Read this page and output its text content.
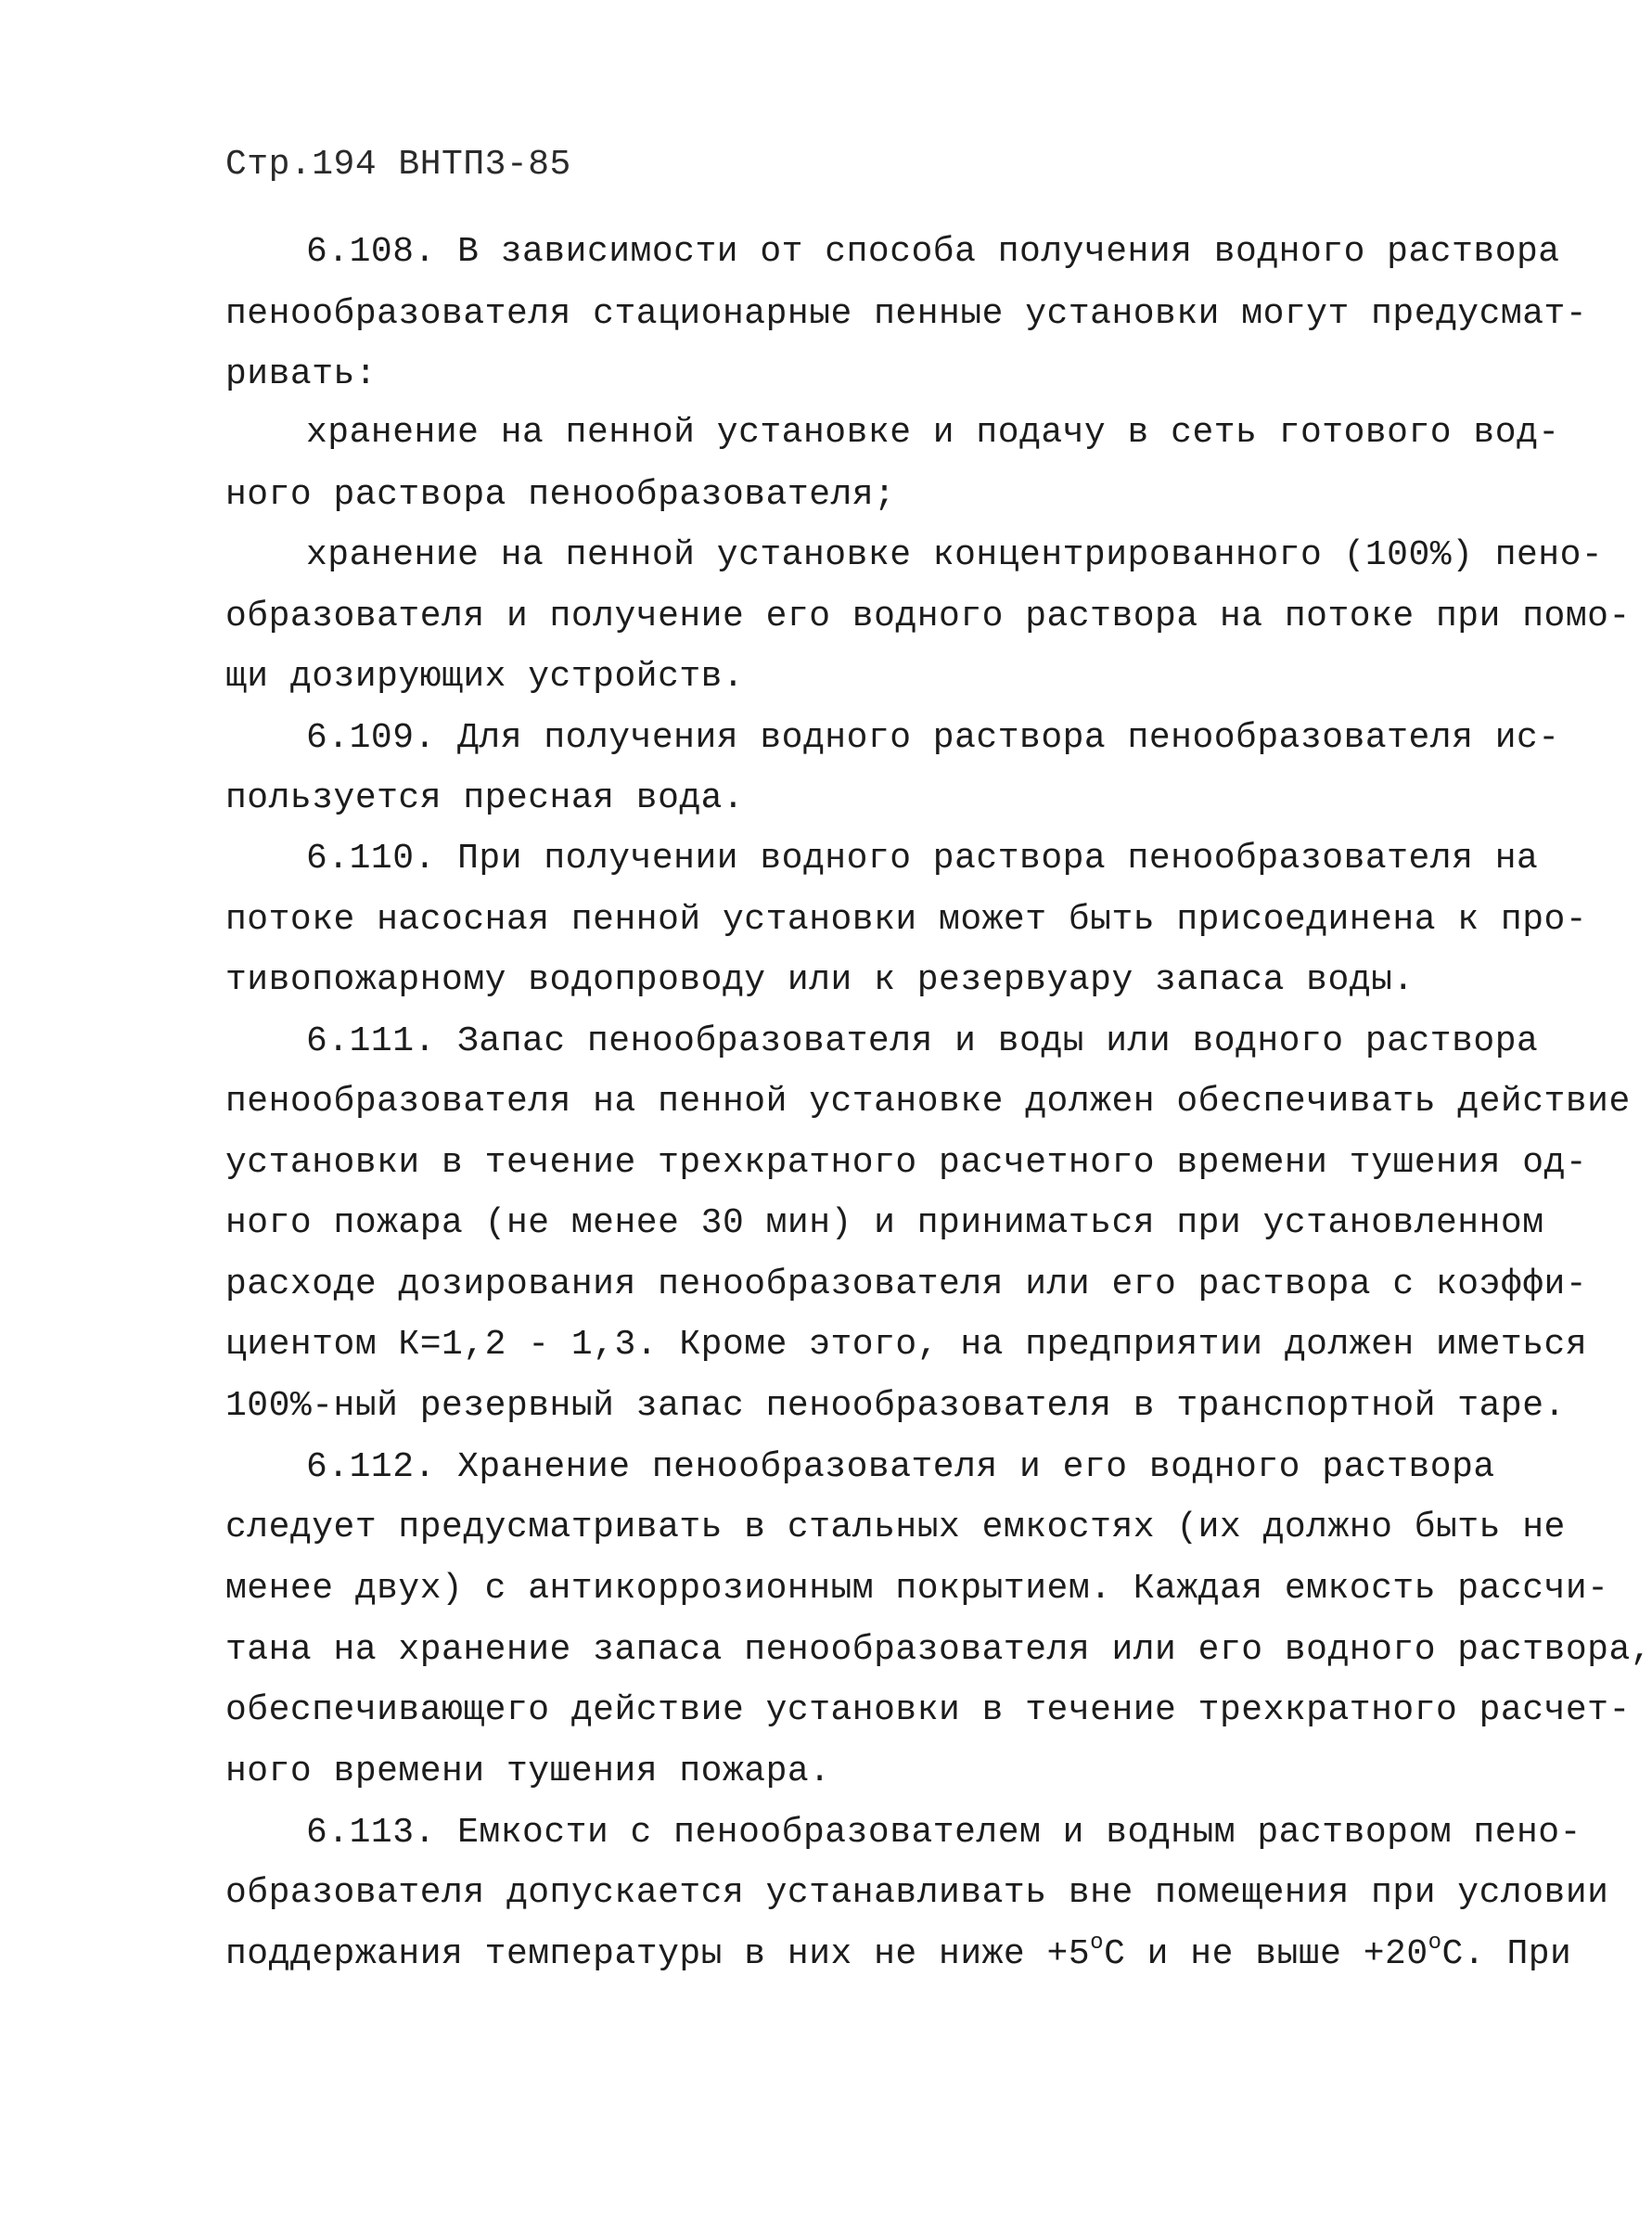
Стр.194 ВНТП3-85
6.108. В зависимости от способа получения водного раствора
пенообразователя стационарные пенные установки могут предусмат-
ривать:
хранение на пенной установке и подачу в сеть готового вод-
ного раствора пенообразователя;
хранение на пенной установке концентрированного (100%) пено-
образователя и получение его водного раствора на потоке при помо-
щи дозирующих устройств.
6.109. Для получения водного раствора пенообразователя ис-
пользуется пресная вода.
6.110. При получении водного раствора пенообразователя на
потоке насосная пенной установки может быть присоединена к про-
тивопожарному водопроводу или к резервуару запаса воды.
6.111. Запас пенообразователя и воды или водного раствора
пенообразователя на пенной установке должен обеспечивать действие
установки в течение трехкратного расчетного времени тушения од-
ного пожара (не менее 30 мин) и приниматься при установленном
расходе дозирования пенообразователя или его раствора с коэффи-
циентом К=1,2 - 1,3. Кроме этого, на предприятии должен иметься
100%-ный резервный запас пенообразователя в транспортной таре.
6.112. Хранение пенообразователя и его водного раствора
следует предусматривать в стальных емкостях (их должно быть не
менее двух) с антикоррозионным покрытием. Каждая емкость рассчи-
тана на хранение запаса пенообразователя или его водного раствора,
обеспечивающего действие установки в течение трехкратного расчет-
ного времени тушения пожара.
6.113. Емкости с пенообразователем и водным раствором пено-
образователя допускается устанавливать вне помещения при условии
поддержания температуры в них не ниже $+5^оС$ и не выше $+20^оС$. При
